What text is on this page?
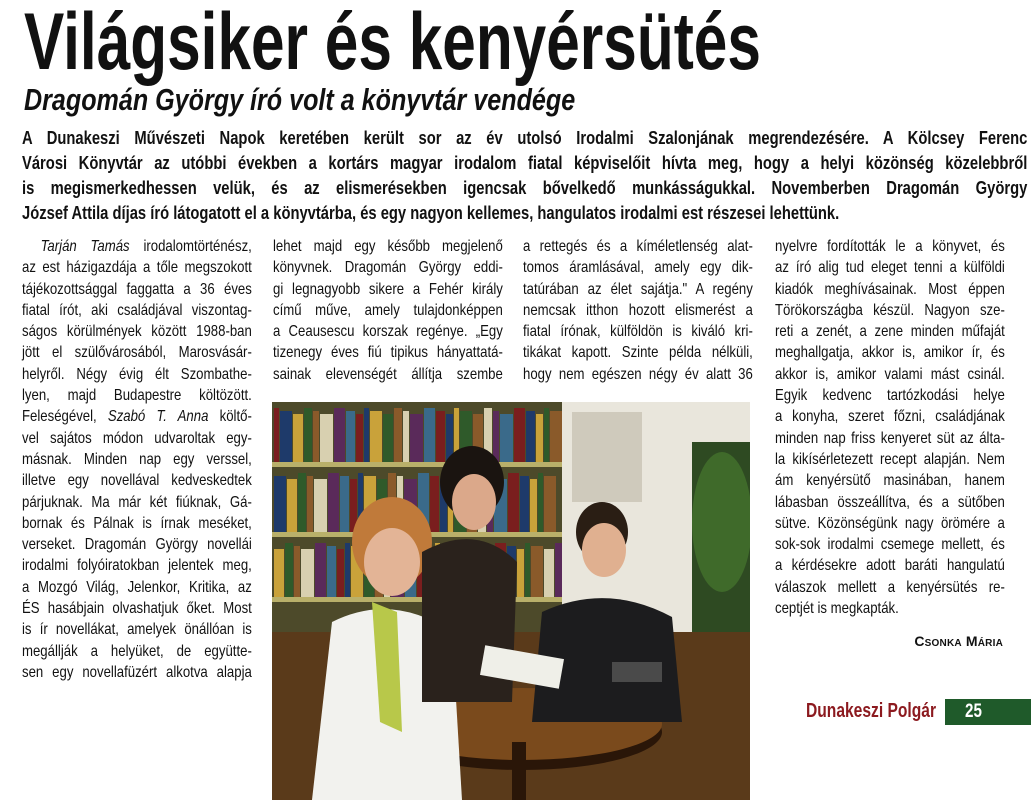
Világsiker és kenyérsütés
Dragomán György író volt a könyvtár vendége
A Dunakeszi Művészeti Napok keretében került sor az év utolsó Irodalmi Szalonjának megrendezésére. A Kölcsey Ferenc
Városi Könyvtár az utóbbi években a kortárs magyar irodalom fiatal képviselőit hívta meg, hogy a helyi közönség közelebbről
is megismerkedhessen velük, és az elismerésekben igencsak bővelkedő munkásságukkal. Novemberben Dragomán György
József Attila díjas író látogatott el a könyvtárba, és egy nagyon kellemes, hangulatos irodalmi est részesei lehettünk.
Tarján Tamás irodalomtörténész,
az est házigazdája a tőle megszokott
tájékozottsággal faggatta a 36 éves
fiatal írót, aki családjával viszontag-
ságos körülmények között 1988-ban
jött el szülővárosából, Marosvásár-
helyről. Négy évig élt Szombathe-
lyen, majd Budapestre költözött.
Feleségével, Szabó T. Anna költő-
vel sajátos módon udvaroltak egy-
másnak. Minden nap egy verssel,
illetve egy novellával kedveskedtek
párjuknak. Ma már két fiúknak, Gá-
bornak és Pálnak is írnak meséket,
verseket. Dragomán György novellái
irodalmi folyóiratokban jelentek meg,
a Mozgó Világ, Jelenkor, Kritika, az
ÉS hasábjain olvashatjuk őket. Most
is ír novellákat, amelyek önállóan is
megállják a helyüket, de együtte-
sen egy novellafüzért alkotva alapja
lehet majd egy később megjelenő
könyvnek. Dragomán György eddi-
gi legnagyobb sikere a Fehér király
című műve, amely tulajdonképpen
a Ceausescu korszak regénye. „Egy
tizenegy éves fiú tipikus hányattatá-
sainak elevenségét állítja szembe
a rettegés és a kíméletlenség alat-
tomos áramlásával, amely egy dik-
tatúrában az élet sajátja." A regény
nemcsak itthon hozott elismerést a
fiatal írónak, külföldön is kiváló kri-
tikákat kapott. Szinte példa nélküli,
hogy nem egészen négy év alatt 36
nyelvre fordították le a könyvet, és
az író alig tud eleget tenni a külföldi
kiadók meghívásainak. Most éppen
Törökországba készül. Nagyon sze-
reti a zenét, a zene minden műfaját
meghallgatja, akkor is, amikor ír, és
akkor is, amikor valami mást csinál.
Egyik kedvenc tartózkodási helye
a konyha, szeret főzni, családjának
minden nap friss kenyeret süt az álta-
la kikísérletezett recept alapján. Nem
ám kenyérsütő masinában, hanem
lábasban összeállítva, és a sütőben
sütve. Közönségünk nagy örömére a
sok-sok irodalmi csemege mellett, és
a kérdésekre adott baráti hangulatú
válaszok mellett a kenyérsütés re-
ceptjét is megkapták.
Csonka Mária
Dunakeszi Polgár 25
